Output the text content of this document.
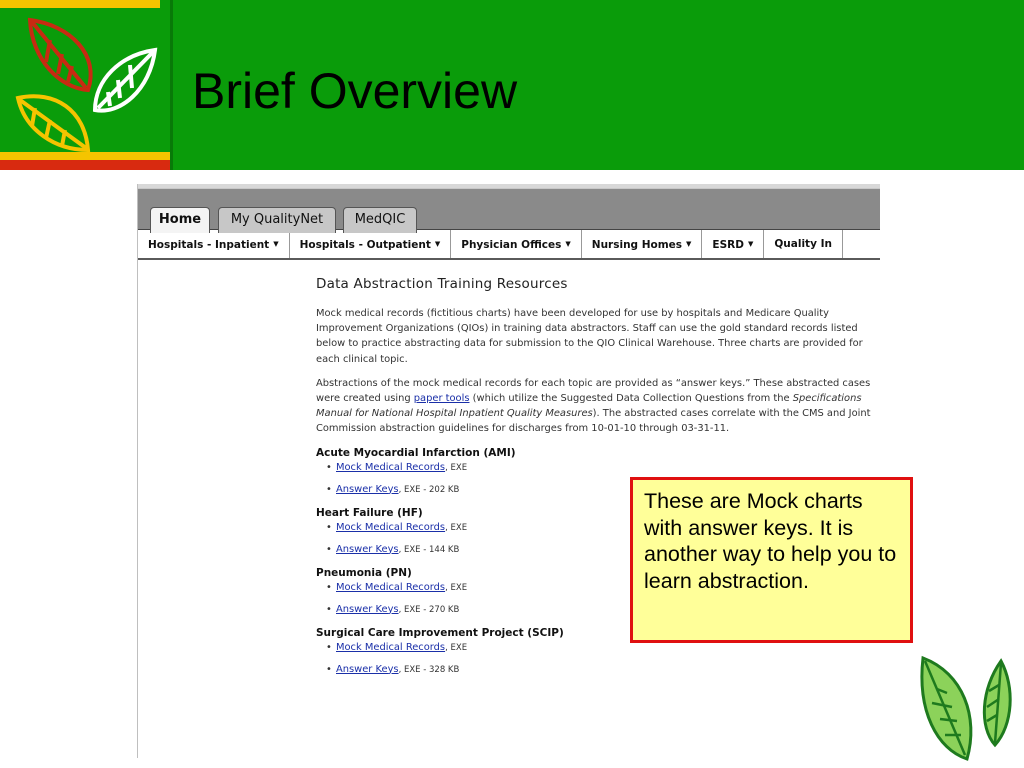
Brief Overview
Home	My QualityNet	MedQIC
Hospitals - Inpatient ▼	Hospitals - Outpatient ▼	Physician Offices ▼	Nursing Homes ▼	ESRD ▼	Quality In
Data Abstraction Training Resources

Mock medical records (fictitious charts) have been developed for use by hospitals and Medicare Quality Improvement Organizations (QIOs) in training data abstractors. Staff can use the gold standard records listed below to practice abstracting data for submission to the QIO Clinical Warehouse. Three charts are provided for each clinical topic.

Abstractions of the mock medical records for each topic are provided as “answer keys.” These abstracted cases were created using paper tools (which utilize the Suggested Data Collection Questions from the Specifications Manual for National Hospital Inpatient Quality Measures). The abstracted cases correlate with the CMS and Joint Commission abstraction guidelines for discharges from 10-01-10 through 03-31-11.

Acute Myocardial Infarction (AMI)
• Mock Medical Records, EXE
• Answer Keys, EXE - 202 KB
Heart Failure (HF)
• Mock Medical Records, EXE
• Answer Keys, EXE - 144 KB
Pneumonia (PN)
• Mock Medical Records, EXE
• Answer Keys, EXE - 270 KB
Surgical Care Improvement Project (SCIP)
• Mock Medical Records, EXE
• Answer Keys, EXE - 328 KB
These are Mock charts with answer keys. It is another way to help you to learn abstraction.
